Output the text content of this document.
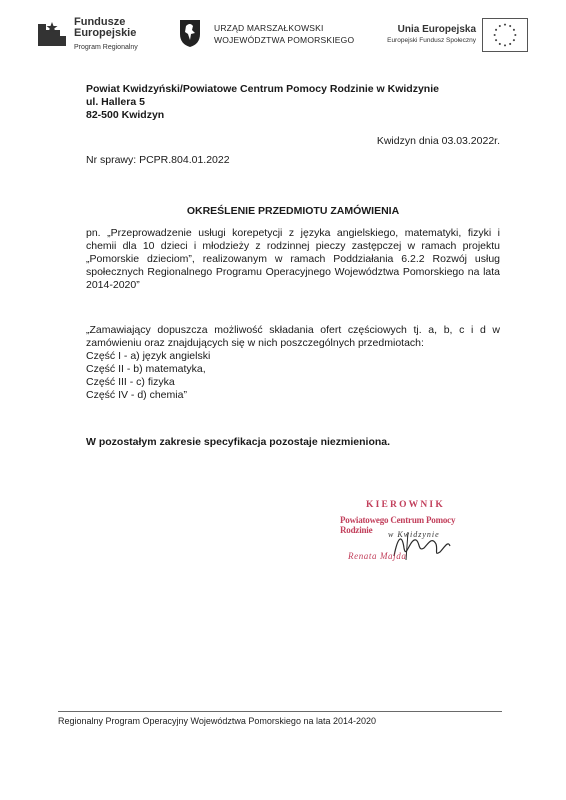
Fundusze
Europejskie
Program Regionalny
URZĄD MARSZAŁKOWSKI
WOJEWÓDZTWA POMORSKIEGO
Unia Europejska
Europejski Fundusz Społeczny
Powiat Kwidzyński/Powiatowe Centrum Pomocy Rodzinie w Kwidzynie
ul. Hallera 5
82-500 Kwidzyn
Kwidzyn dnia 03.03.2022r.
Nr sprawy: PCPR.804.01.2022
OKREŚLENIE PRZEDMIOTU ZAMÓWIENIA
pn. „Przeprowadzenie usługi korepetycji z języka angielskiego, matematyki, fizyki i chemii dla 10 dzieci i młodzieży z rodzinnej pieczy zastępczej w ramach projektu „Pomorskie dzieciom”, realizowanym w ramach Poddziałania 6.2.2 Rozwój usług społecznych Regionalnego Programu Operacyjnego Województwa Pomorskiego na lata 2014-2020”
„Zamawiający dopuszcza możliwość składania ofert częściowych tj. a, b, c i d w zamówieniu oraz znajdujących się w nich poszczególnych przedmiotach:
Część I - a) język angielski
Część II - b) matematyka,
Część III - c) fizyka
Część IV - d) chemia”
W pozostałym zakresie specyfikacja pozostaje niezmieniona.
KIEROWNIK
Powiatowego Centrum Pomocy Rodzinie	w Kwidzynie
Renata Majda
Regionalny Program Operacyjny Województwa Pomorskiego na lata 2014-2020
